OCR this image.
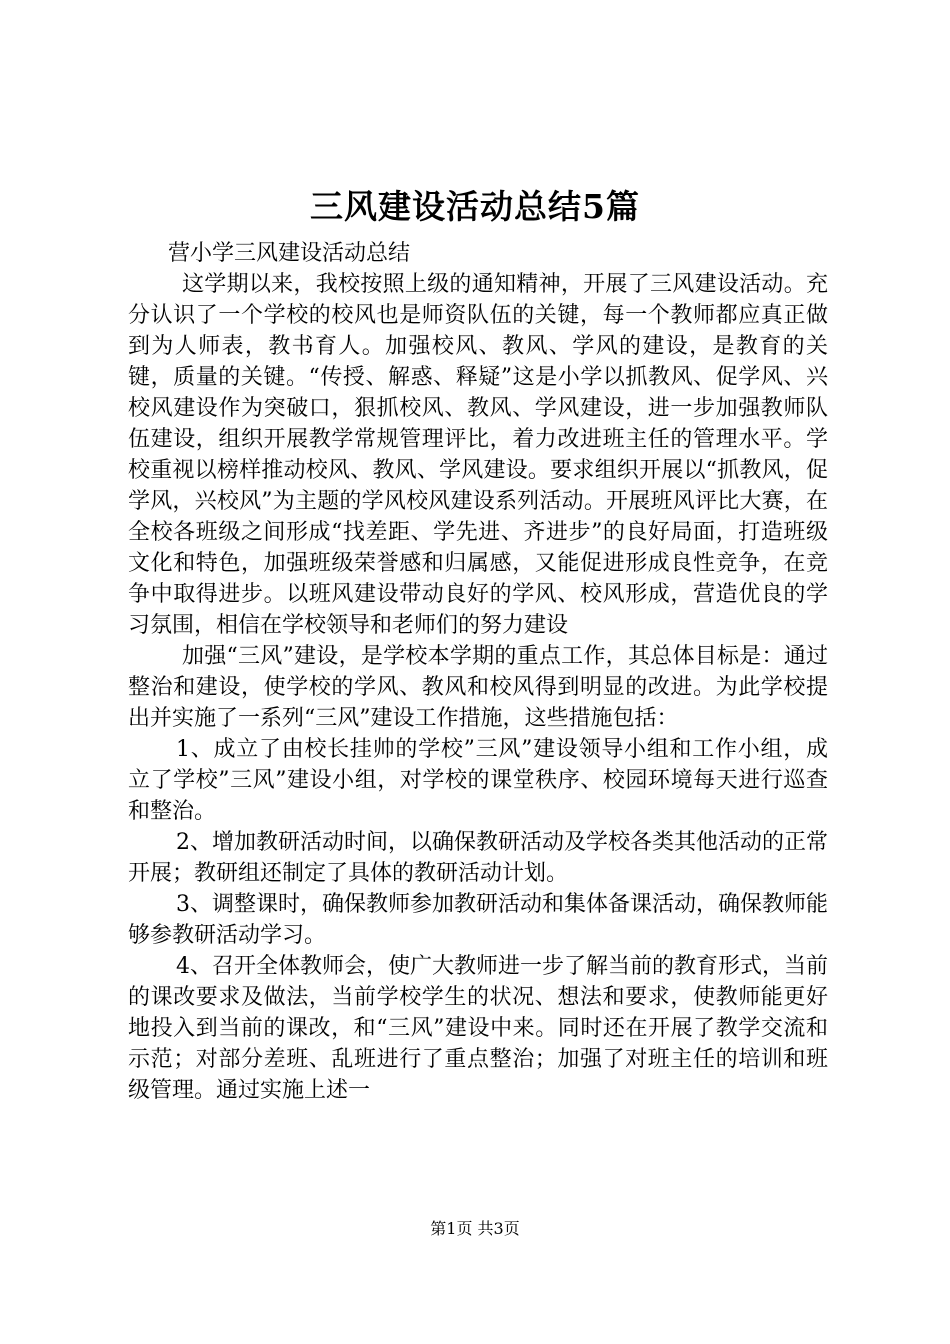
三风建设活动总结5篇

营小学三风建设活动总结

这学期以来，我校按照上级的通知精神，开展了三风建设活动。充分认识了一个学校的校风也是师资队伍的关键，每一个教师都应真正做到为人师表，教书育人。加强校风、教风、学风的建设，是教育的关键，质量的关键。“传授、解惑、释疑”这是小学以抓教风、促学风、兴校风建设作为突破口，狠抓校风、教风、学风建设，进一步加强教师队伍建设，组织开展教学常规管理评比，着力改进班主任的管理水平。学校重视以榜样推动校风、教风、学风建设。要求组织开展以“抓教风，促学风，兴校风”为主题的学风校风建设系列活动。开展班风评比大赛，在全校各班级之间形成“找差距、学先进、齐进步”的良好局面，打造班级文化和特色，加强班级荣誉感和归属感，又能促进形成良性竞争，在竞争中取得进步。以班风建设带动良好的学风、校风形成，营造优良的学习氛围，相信在学校领导和老师们的努力建设

加强“三风”建设，是学校本学期的重点工作，其总体目标是：通过整治和建设，使学校的学风、教风和校风得到明显的改进。为此学校提出并实施了一系列“三风”建设工作措施，这些措施包括：

1、成立了由校长挂帅的学校”三风”建设领导小组和工作小组，成立了学校”三风”建设小组，对学校的课堂秩序、校园环境每天进行巡查和整治。

2、增加教研活动时间，以确保教研活动及学校各类其他活动的正常开展；教研组还制定了具体的教研活动计划。

3、调整课时，确保教师参加教研活动和集体备课活动，确保教师能够参教研活动学习。

4、召开全体教师会，使广大教师进一步了解当前的教育形式，当前的课改要求及做法，当前学校学生的状况、想法和要求，使教师能更好地投入到当前的课改，和“三风”建设中来。同时还在开展了教学交流和示范；对部分差班、乱班进行了重点整治；加强了对班主任的培训和班级管理。通过实施上述一

第1页 共3页
